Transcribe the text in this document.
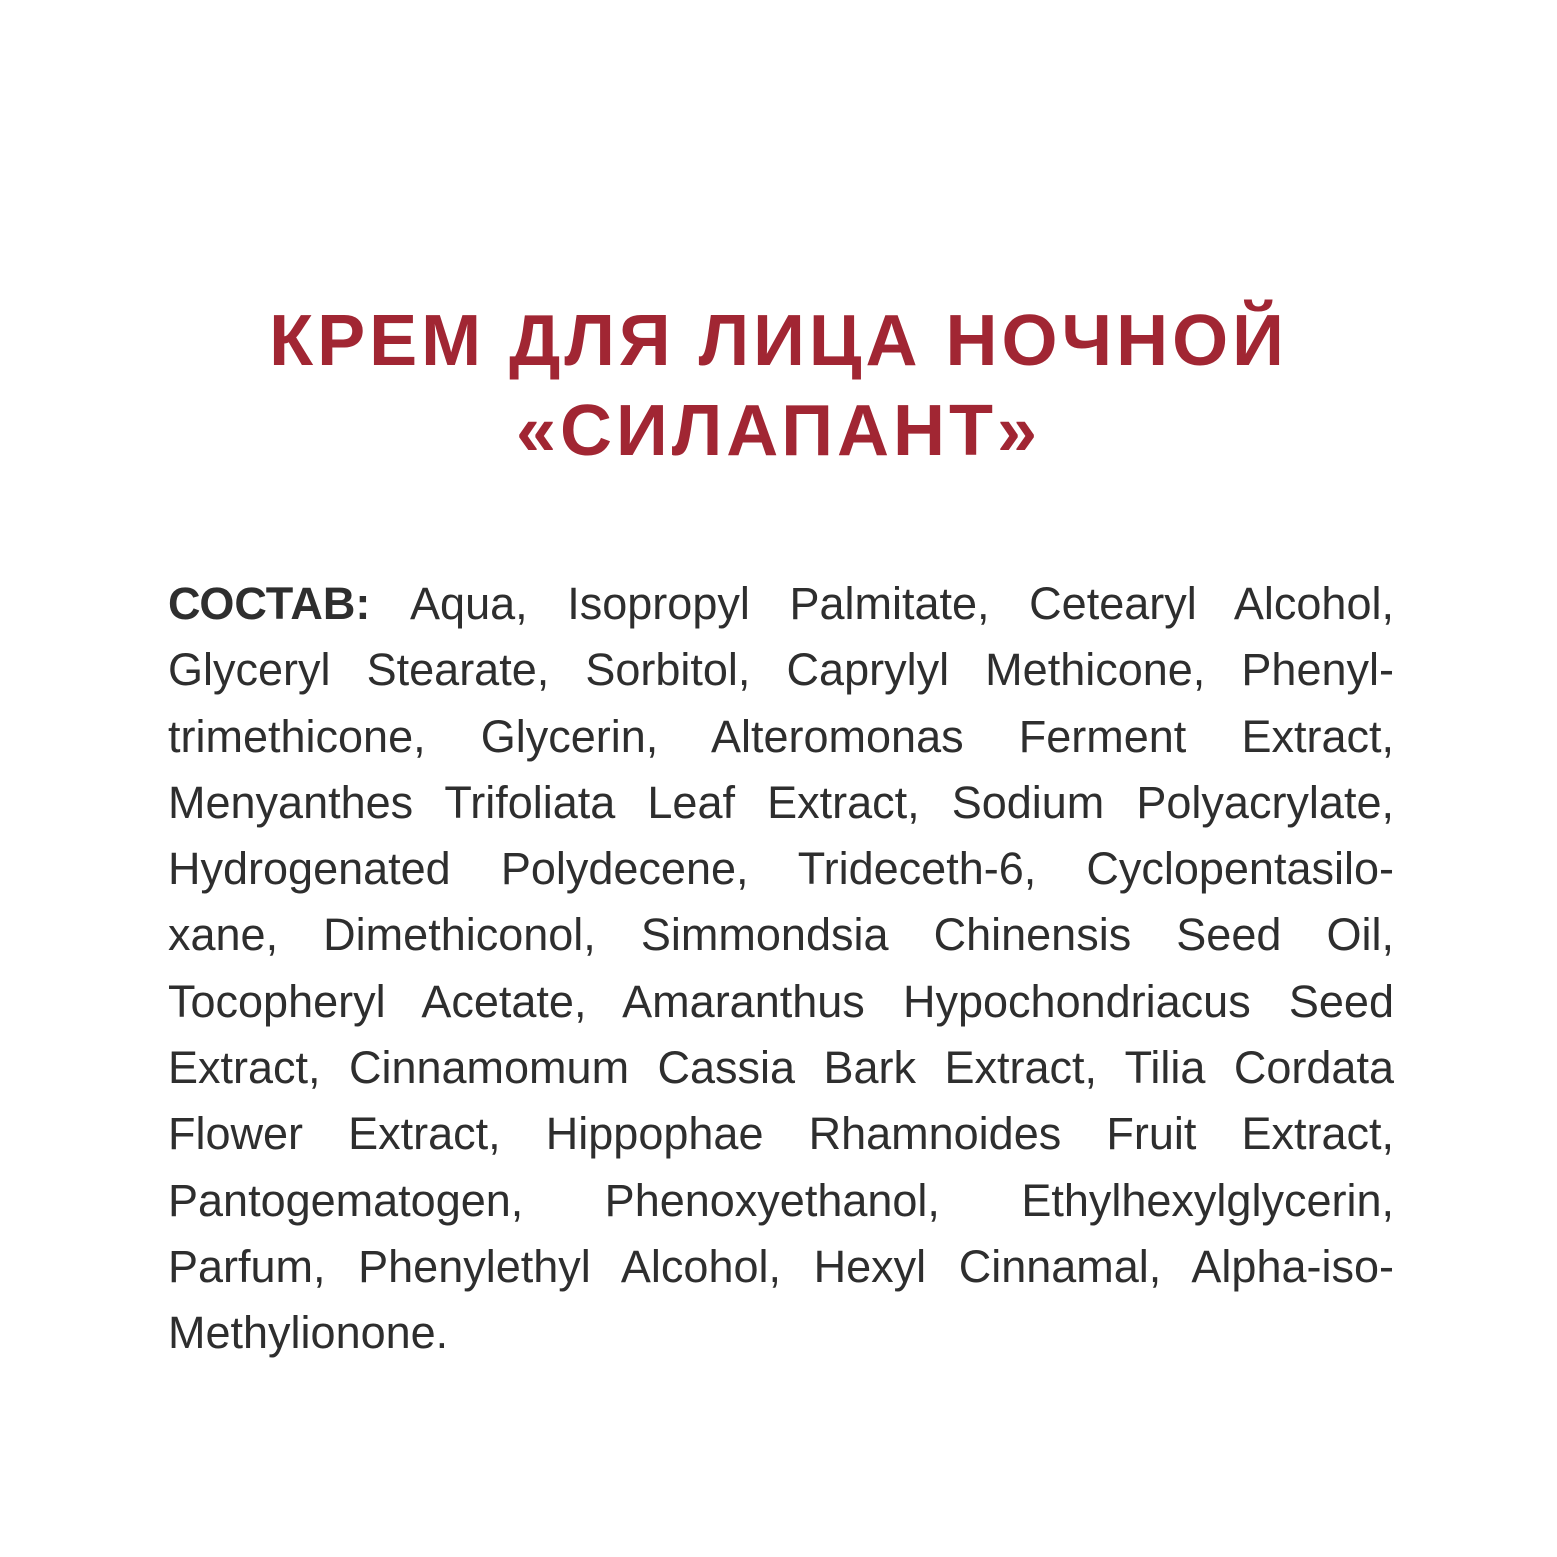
КРЕМ ДЛЯ ЛИЦА НОЧНОЙ
«СИЛАПАНТ»
СОСТАВ: Aqua, Isopropyl Palmitate, Cetearyl Alcohol,
Glyceryl Stearate, Sorbitol, Caprylyl Methicone, Phenyl-
trimethicone, Glycerin, Alteromonas Ferment Extract,
Menyanthes Trifoliata Leaf Extract, Sodium Polyacrylate,
Hydrogenated Polydecene, Trideceth-6, Cyclopentasilo-
xane, Dimethiconol, Simmondsia Chinensis Seed Oil,
Tocopheryl Acetate, Amaranthus Hypochondriacus Seed
Extract, Cinnamomum Cassia Bark Extract, Tilia Cordata
Flower Extract, Hippophae Rhamnoides Fruit Extract,
Pantogematogen, Phenoxyethanol, Ethylhexylglycerin,
Parfum, Phenylethyl Alcohol, Hexyl Cinnamal, Alpha-iso-
Methylionone.
